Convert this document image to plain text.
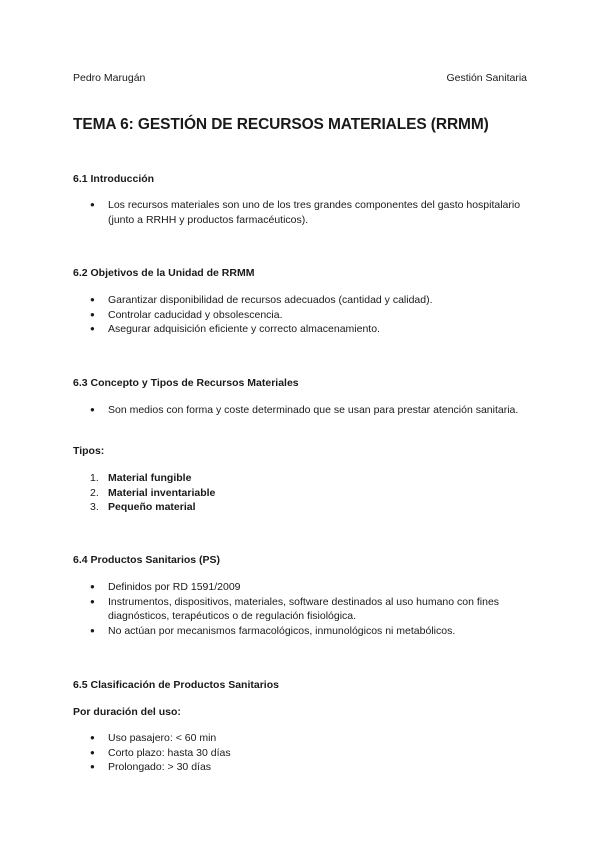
Pedro Marugán	Gestión Sanitaria
TEMA 6: GESTIÓN DE RECURSOS MATERIALES (RRMM)
6.1 Introducción
● Los recursos materiales son uno de los tres grandes componentes del gasto hospitalario (junto a RRHH y productos farmacéuticos).
6.2 Objetivos de la Unidad de RRMM
● Garantizar disponibilidad de recursos adecuados (cantidad y calidad).
● Controlar caducidad y obsolescencia.
● Asegurar adquisición eficiente y correcto almacenamiento.
6.3 Concepto y Tipos de Recursos Materiales
● Son medios con forma y coste determinado que se usan para prestar atención sanitaria.

Tipos:

1. Material fungible
2. Material inventariable
3. Pequeño material
6.4 Productos Sanitarios (PS)
● Definidos por RD 1591/2009
● Instrumentos, dispositivos, materiales, software destinados al uso humano con fines diagnósticos, terapéuticos o de regulación fisiológica.
● No actúan por mecanismos farmacológicos, inmunológicos ni metabólicos.
6.5 Clasificación de Productos Sanitarios

Por duración del uso:

● Uso pasajero: < 60 min
● Corto plazo: hasta 30 días
● Prolongado: > 30 días
